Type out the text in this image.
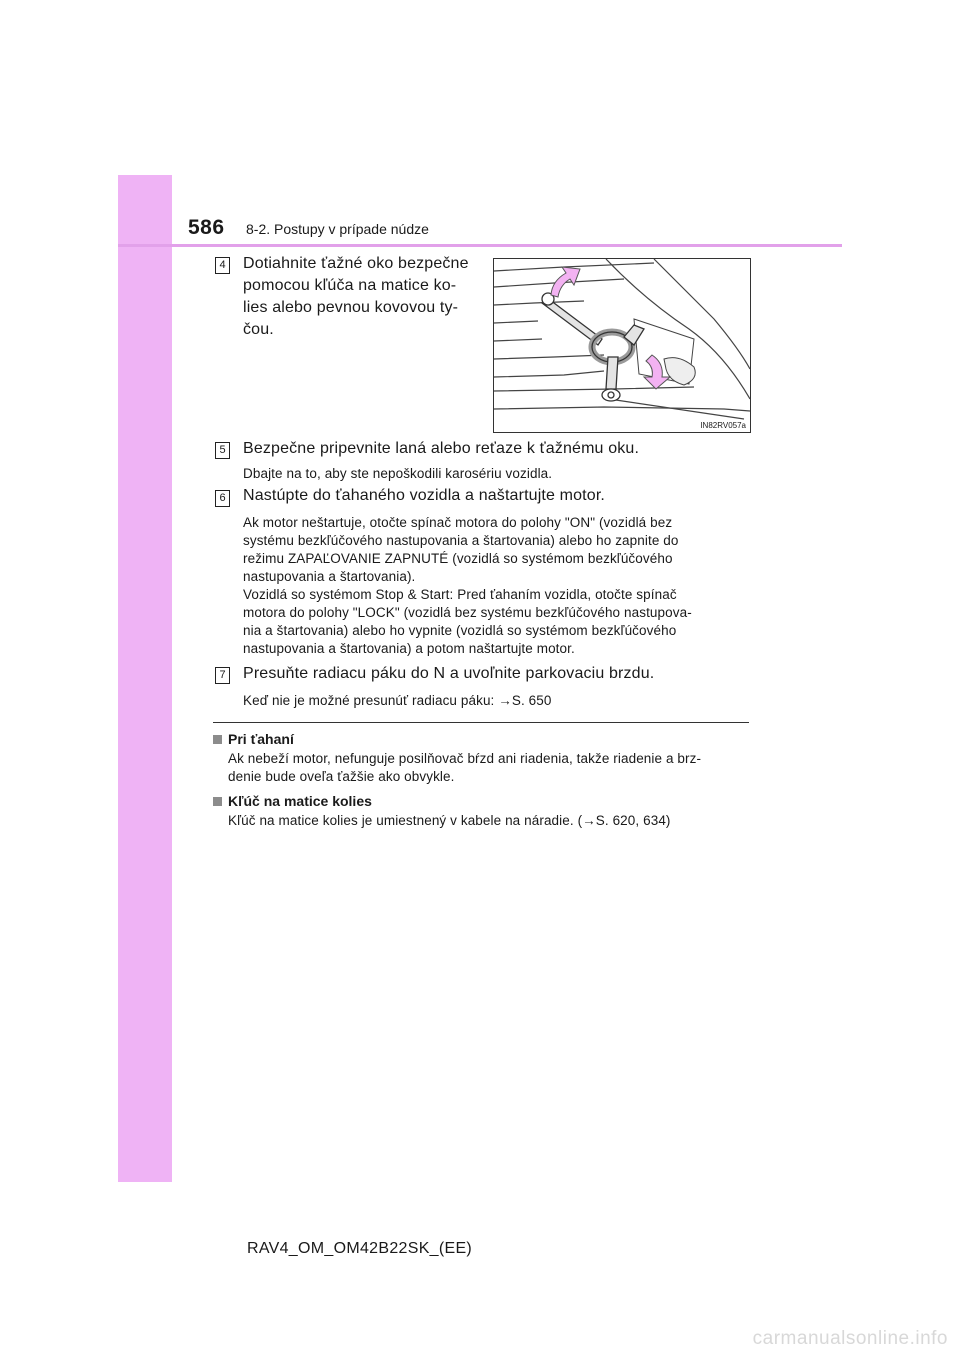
586 8-2. Postupy v prípade núdze
4 Dotiahnite ťažné oko bezpečne
pomocou kľúča na matice ko-
lies alebo pevnou kovovou ty-
čou.
IN82RV057a
5 Bezpečne pripevnite laná alebo reťaze k ťažnému oku.
Dbajte na to, aby ste nepoškodili karosériu vozidla.
6 Nastúpte do ťahaného vozidla a naštartujte motor.
Ak motor neštartuje, otočte spínač motora do polohy "ON" (vozidlá bez
systému bezkľúčového nastupovania a štartovania) alebo ho zapnite do
režimu ZAPAĽOVANIE ZAPNUTÉ (vozidlá so systémom bezkľúčového
nastupovania a štartovania).
Vozidlá so systémom Stop & Start: Pred ťahaním vozidla, otočte spínač
motora do polohy "LOCK" (vozidlá bez systému bezkľúčového nastupova-
nia a štartovania) alebo ho vypnite (vozidlá so systémom bezkľúčového
nastupovania a štartovania) a potom naštartujte motor.
7 Presuňte radiacu páku do N a uvoľnite parkovaciu brzdu.
Keď nie je možné presunúť radiacu páku: →S. 650
Pri ťahaní
Ak nebeží motor, nefunguje posilňovač bŕzd ani riadenia, takže riadenie a brz-
denie bude oveľa ťažšie ako obvykle.
Kľúč na matice kolies
Kľúč na matice kolies je umiestnený v kabele na náradie. (→S. 620, 634)
RAV4_OM_OM42B22SK_(EE)
carmanualsonline.info
